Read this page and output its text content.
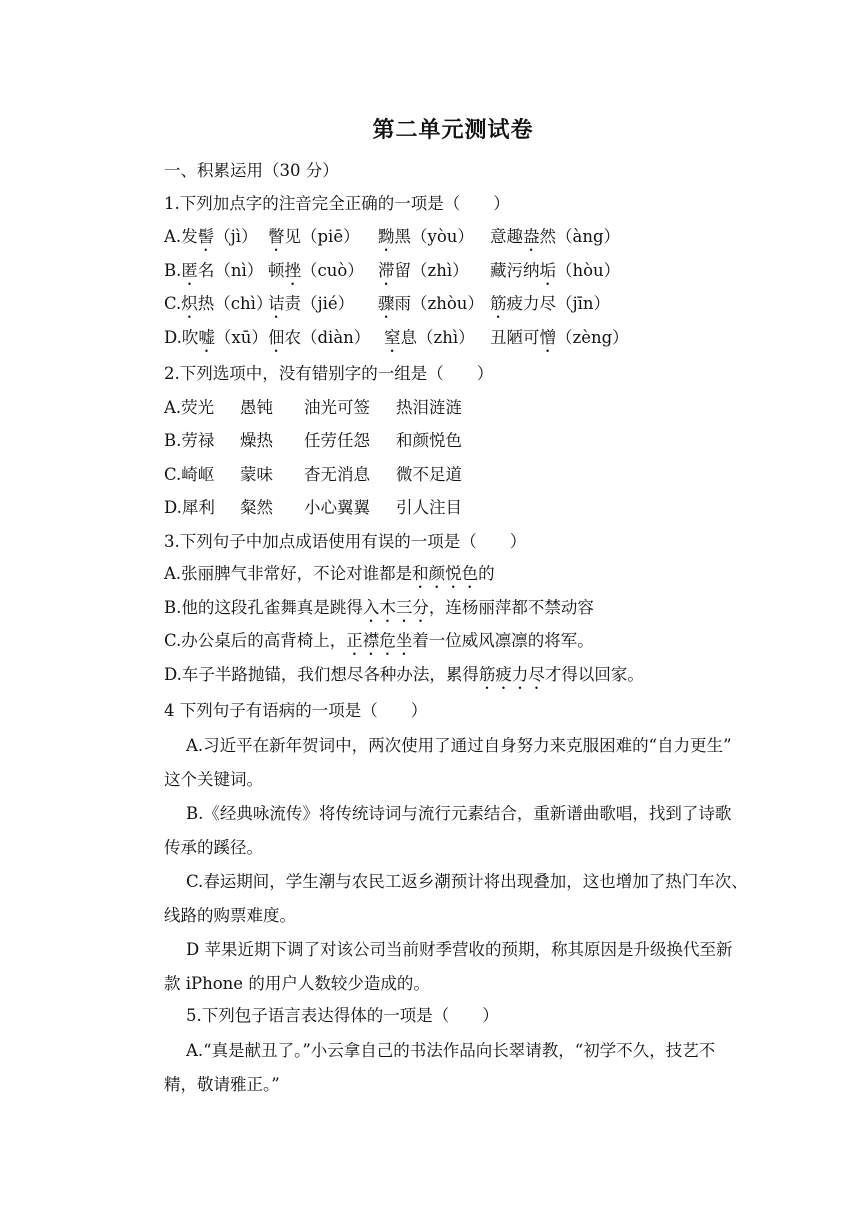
第二单元测试卷
一、积累运用（30 分）
1.下列加点字的注音完全正确的一项是（　　）
A.发髻（jì） 瞥见（piē） 黝黑（yòu） 意趣盎然（àng）
B.匿名（nì） 顿挫（cuò） 滞留（zhì） 藏污纳垢（hòu）
C.炽热（chì）诘责（jié） 骤雨（zhòu） 筋疲力尽（jīn）
D.吹嘘（xū）佃农（diàn） 窒息（zhì） 丑陋可憎（zèng）
2.下列选项中，没有错别字的一组是（　　）
A.荧光 愚钝 油光可签 热泪涟涟
B.劳禄 燥热 任劳任怨 和颜悦色
C.崎岖 蒙味 杳无消息 微不足道
D.犀利 粲然 小心翼翼 引人注目
3.下列句子中加点成语使用有误的一项是（　　）
A.张丽脾气非常好，不论对谁都是和颜悦色的
B.他的这段孔雀舞真是跳得入木三分，连杨丽萍都不禁动容
C.办公桌后的高背椅上，正襟危坐着一位威风凛凛的将军。
D.车子半路抛锚，我们想尽各种办法，累得筋疲力尽才得以回家。
4 下列句子有语病的一项是（　　）
A.习近平在新年贺词中，两次使用了通过自身努力来克服困难的“自力更生”
这个关键词。
B.《经典咏流传》将传统诗词与流行元素结合，重新谱曲歌唱，找到了诗歌
传承的蹊径。
C.春运期间，学生潮与农民工返乡潮预计将出现叠加，这也增加了热门车次、
线路的购票难度。
D 苹果近期下调了对该公司当前财季营收的预期，称其原因是升级换代至新
款 iPhone 的用户人数较少造成的。
5.下列包子语言表达得体的一项是（　　）
A.“真是献丑了。”小云拿自己的书法作品向长翠请教，“初学不久，技艺不
精，敬请雅正。”
